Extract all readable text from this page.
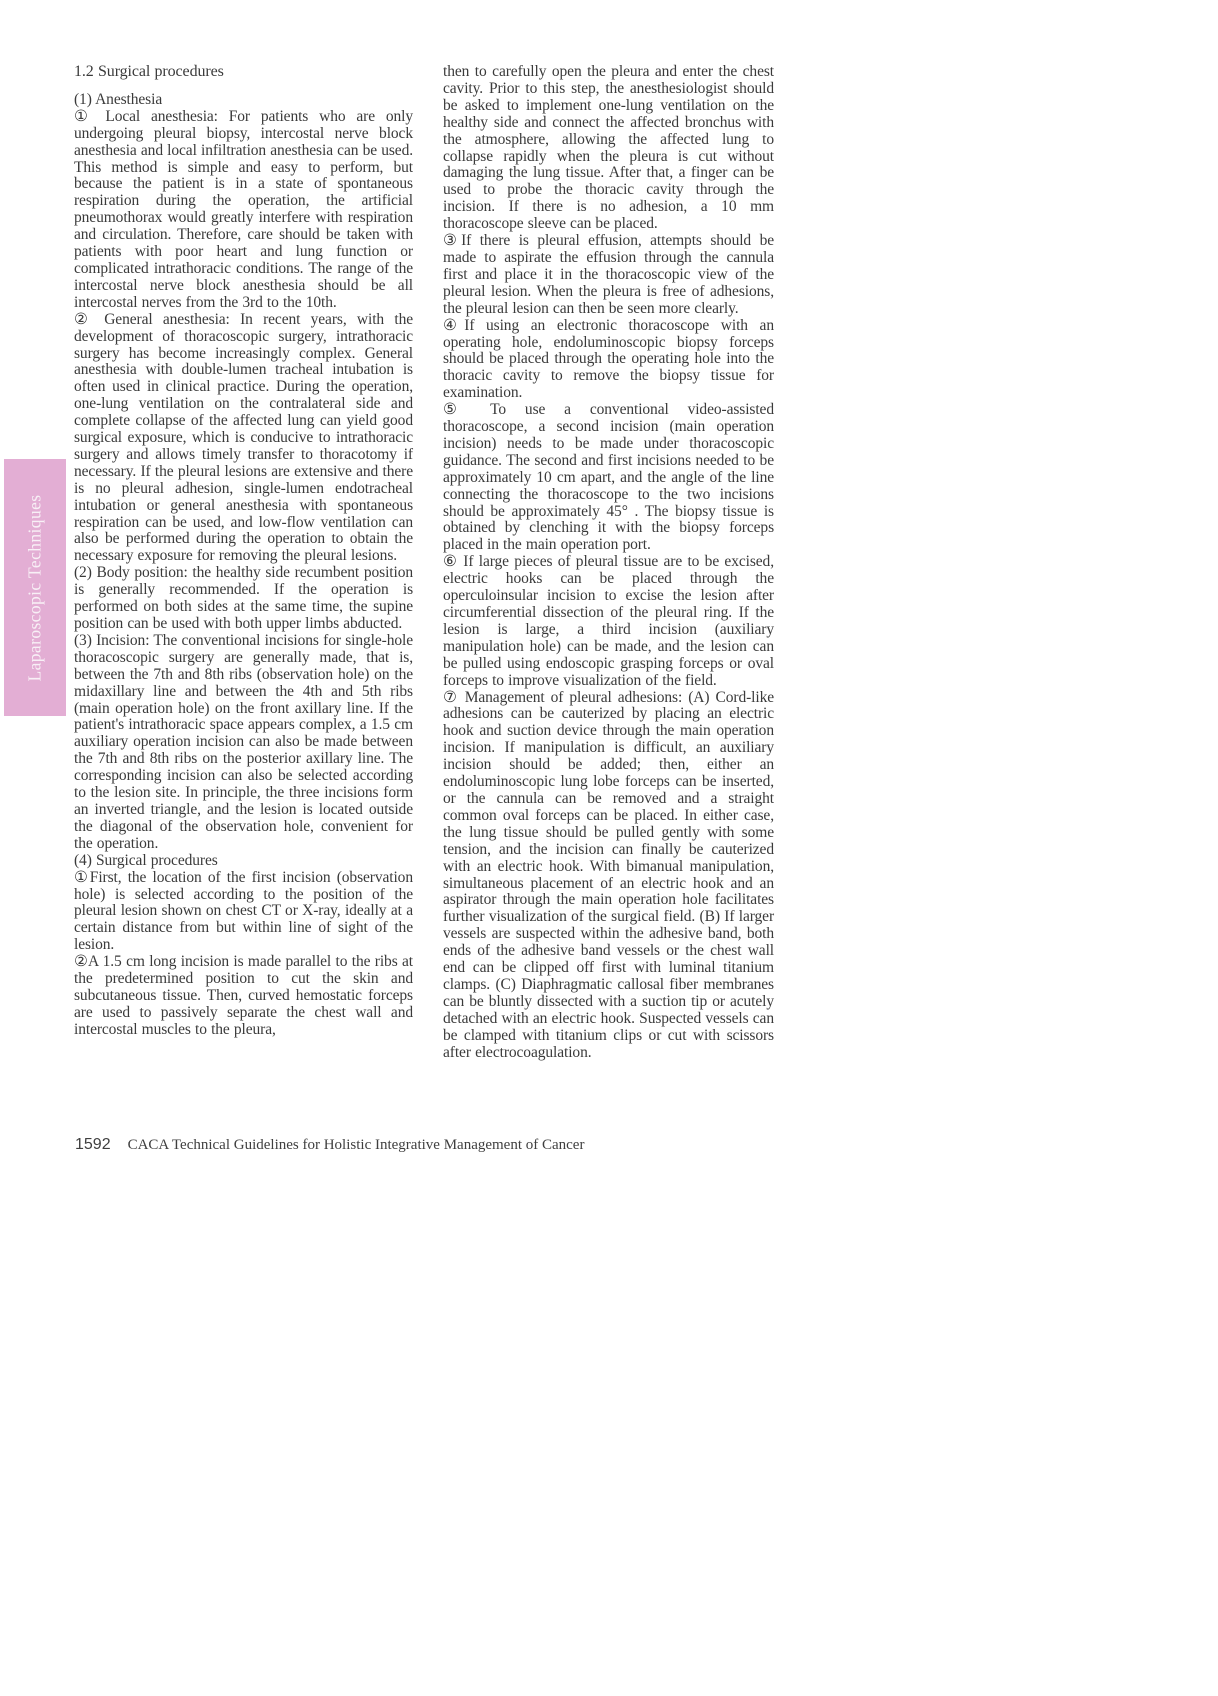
Laparoscopic Techniques
1.2 Surgical procedures

(1) Anesthesia

① Local anesthesia: For patients who are only undergoing pleural biopsy, intercostal nerve block anesthesia and local infiltration anesthesia can be used. This method is simple and easy to perform, but because the patient is in a state of spontaneous respiration during the operation, the artificial pneumothorax would greatly interfere with respiration and circulation. Therefore, care should be taken with patients with poor heart and lung function or complicated intrathoracic conditions. The range of the intercostal nerve block anesthesia should be all intercostal nerves from the 3rd to the 10th.

② General anesthesia: In recent years, with the development of thoracoscopic surgery, intrathoracic surgery has become increasingly complex. General anesthesia with double-lumen tracheal intubation is often used in clinical practice. During the operation, one-lung ventilation on the contralateral side and complete collapse of the affected lung can yield good surgical exposure, which is conducive to intrathoracic surgery and allows timely transfer to thoracotomy if necessary. If the pleural lesions are extensive and there is no pleural adhesion, single-lumen endotracheal intubation or general anesthesia with spontaneous respiration can be used, and low-flow ventilation can also be performed during the operation to obtain the necessary exposure for removing the pleural lesions.

(2) Body position: the healthy side recumbent position is generally recommended. If the operation is performed on both sides at the same time, the supine position can be used with both upper limbs abducted.

(3) Incision: The conventional incisions for single-hole thoracoscopic surgery are generally made, that is, between the 7th and 8th ribs (observation hole) on the midaxillary line and between the 4th and 5th ribs (main operation hole) on the front axillary line. If the patient's intrathoracic space appears complex, a 1.5 cm auxiliary operation incision can also be made between the 7th and 8th ribs on the posterior axillary line. The corresponding incision can also be selected according to the lesion site. In principle, the three incisions form an inverted triangle, and the lesion is located outside the diagonal of the observation hole, convenient for the operation.

(4) Surgical procedures

①First, the location of the first incision (observation hole) is selected according to the position of the pleural lesion shown on chest CT or X-ray, ideally at a certain distance from but within line of sight of the lesion.

②A 1.5 cm long incision is made parallel to the ribs at the predetermined position to cut the skin and subcutaneous tissue. Then, curved hemostatic forceps are used to passively separate the chest wall and intercostal muscles to the pleura,

then to carefully open the pleura and enter the chest cavity. Prior to this step, the anesthesiologist should be asked to implement one-lung ventilation on the healthy side and connect the affected bronchus with the atmosphere, allowing the affected lung to collapse rapidly when the pleura is cut without damaging the lung tissue. After that, a finger can be used to probe the thoracic cavity through the incision. If there is no adhesion, a 10 mm thoracoscope sleeve can be placed.

③If there is pleural effusion, attempts should be made to aspirate the effusion through the cannula first and place it in the thoracoscopic view of the pleural lesion. When the pleura is free of adhesions, the pleural lesion can then be seen more clearly.

④If using an electronic thoracoscope with an operating hole, endoluminoscopic biopsy forceps should be placed through the operating hole into the thoracic cavity to remove the biopsy tissue for examination.

⑤ To use a conventional video-assisted thoracoscope, a second incision (main operation incision) needs to be made under thoracoscopic guidance. The second and first incisions needed to be approximately 10 cm apart, and the angle of the line connecting the thoracoscope to the two incisions should be approximately 45° . The biopsy tissue is obtained by clenching it with the biopsy forceps placed in the main operation port.

⑥ If large pieces of pleural tissue are to be excised, electric hooks can be placed through the operculoinsular incision to excise the lesion after circumferential dissection of the pleural ring. If the lesion is large, a third incision (auxiliary manipulation hole) can be made, and the lesion can be pulled using endoscopic grasping forceps or oval forceps to improve visualization of the field.

⑦ Management of pleural adhesions: (A) Cord-like adhesions can be cauterized by placing an electric hook and suction device through the main operation incision. If manipulation is difficult, an auxiliary incision should be added; then, either an endoluminoscopic lung lobe forceps can be inserted, or the cannula can be removed and a straight common oval forceps can be placed. In either case, the lung tissue should be pulled gently with some tension, and the incision can finally be cauterized with an electric hook. With bimanual manipulation, simultaneous placement of an electric hook and an aspirator through the main operation hole facilitates further visualization of the surgical field. (B) If larger vessels are suspected within the adhesive band, both ends of the adhesive band vessels or the chest wall end can be clipped off first with luminal titanium clamps. (C) Diaphragmatic callosal fiber membranes can be bluntly dissected with a suction tip or acutely detached with an electric hook. Suspected vessels can be clamped with titanium clips or cut with scissors after electrocoagulation.

1592 CACA Technical Guidelines for Holistic Integrative Management of Cancer
